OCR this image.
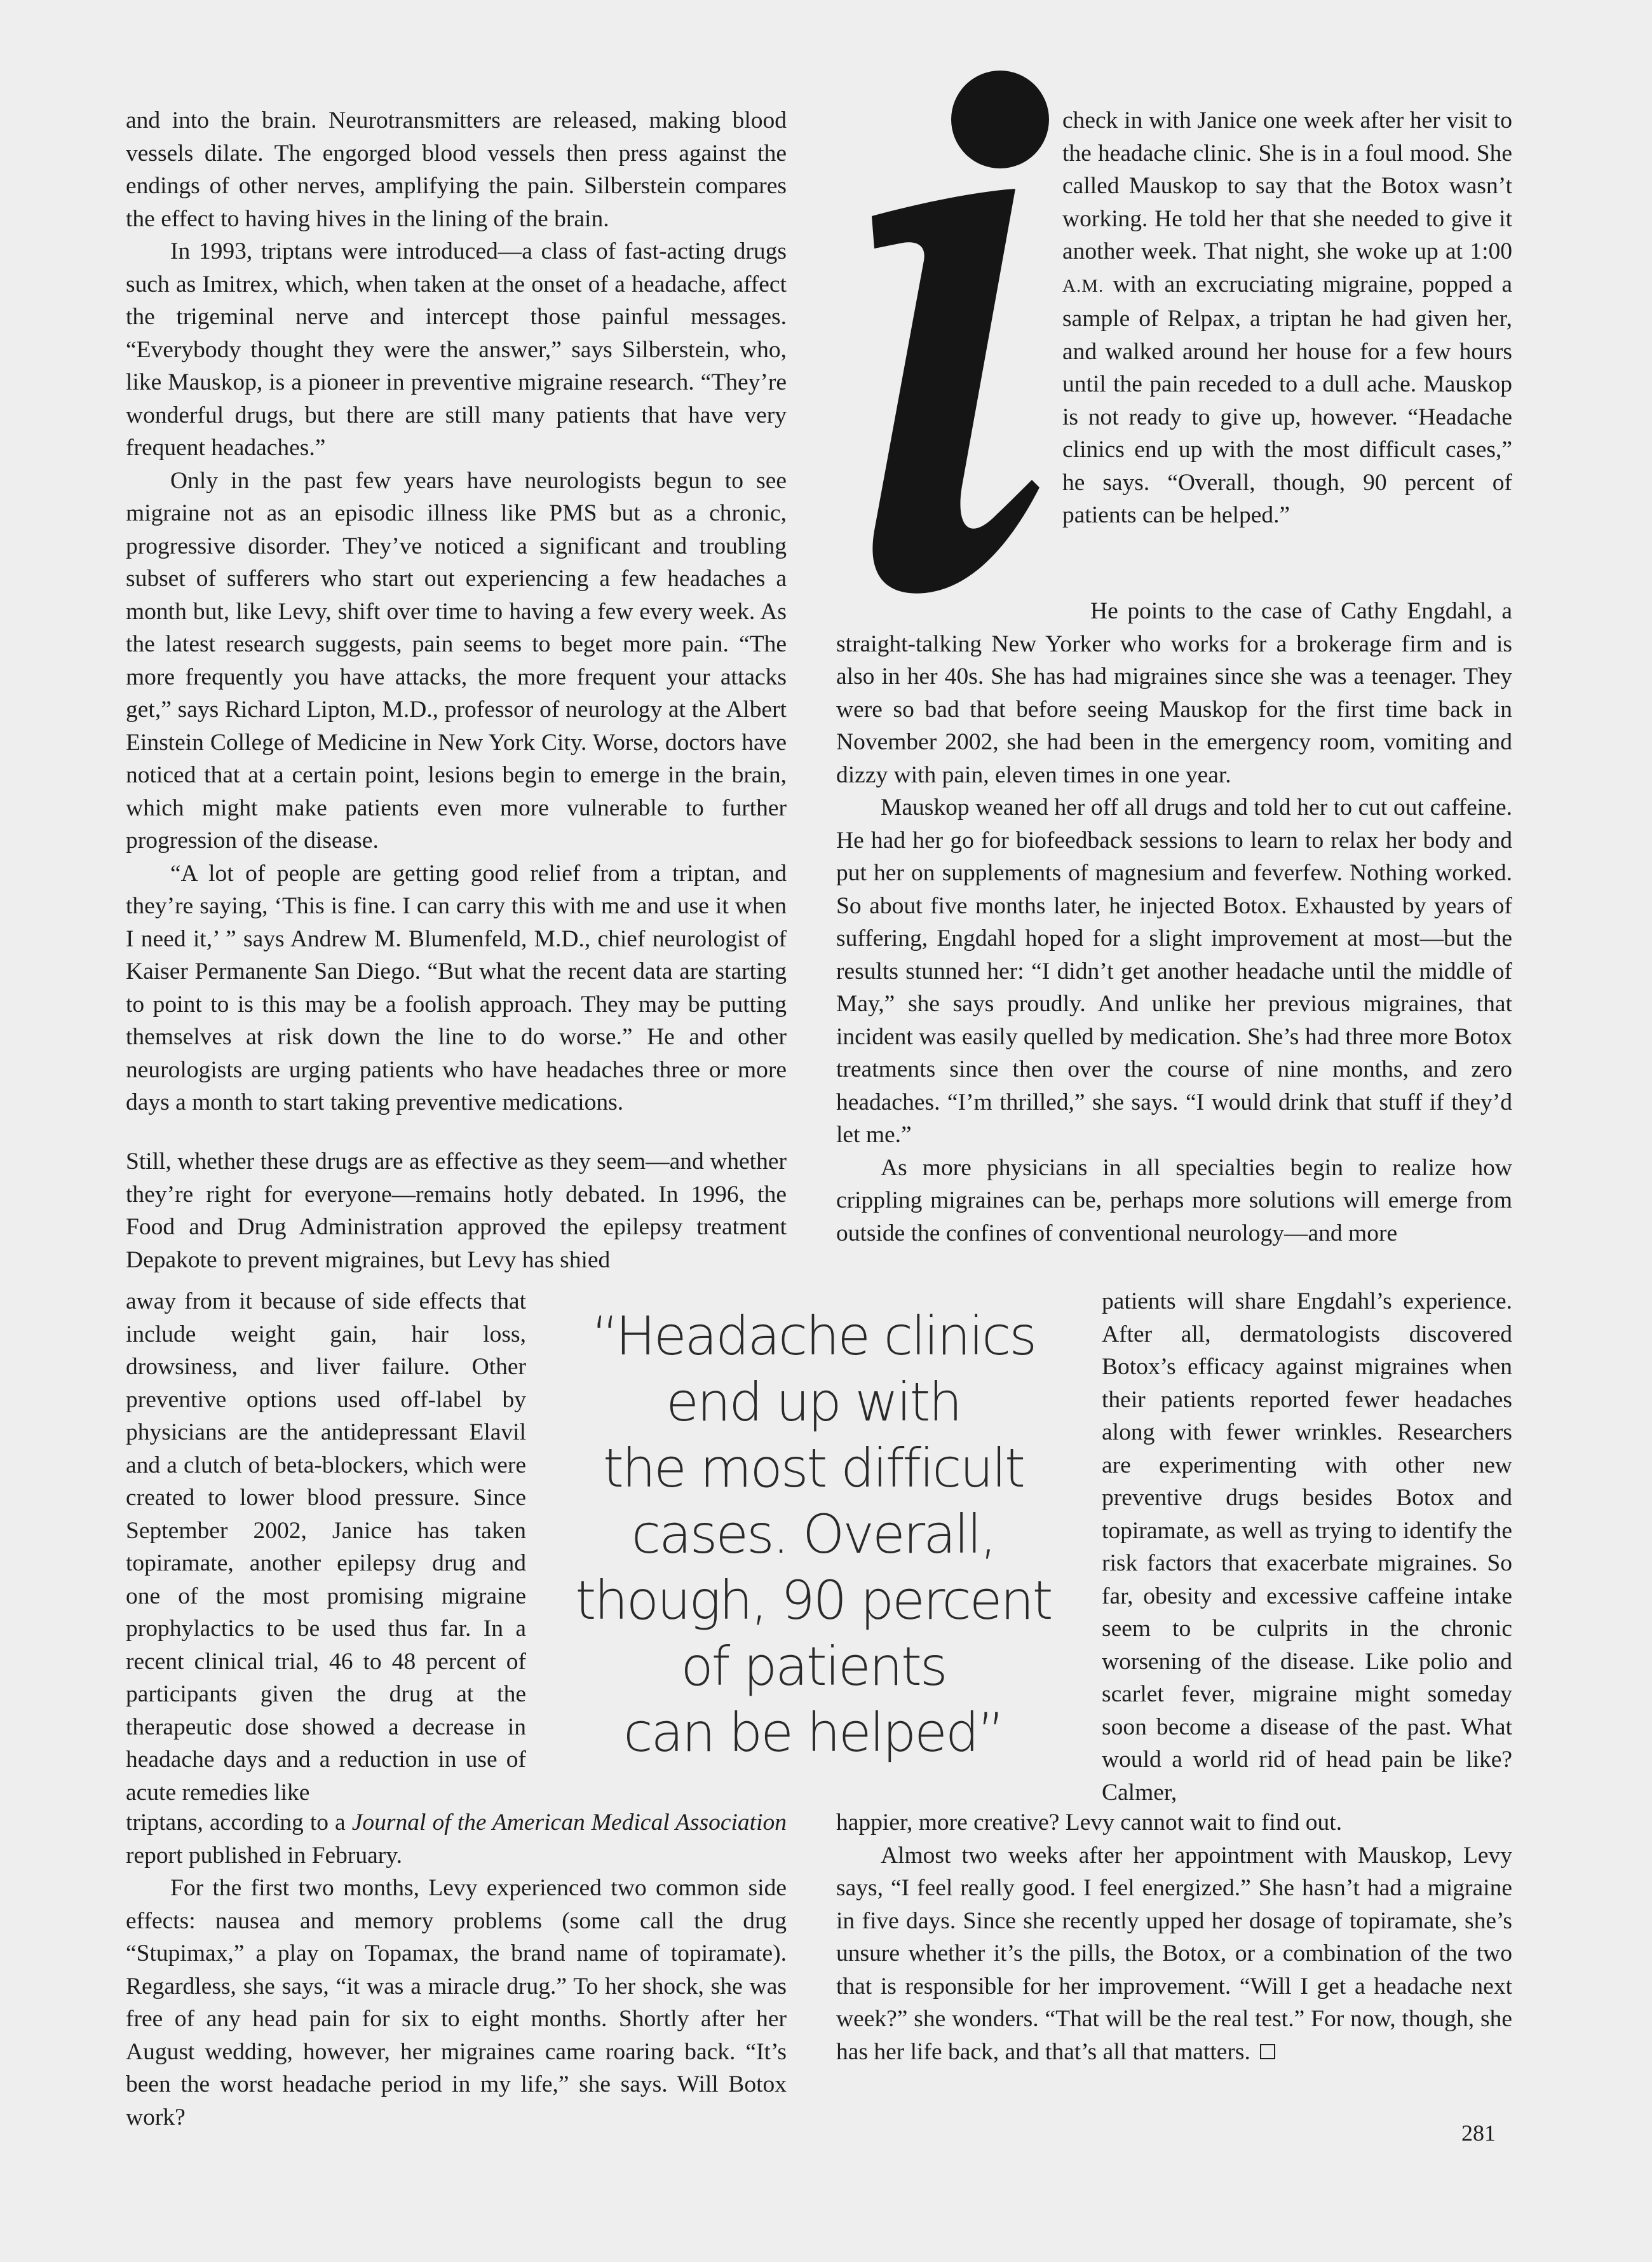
and into the brain. Neurotransmitters are released, making blood vessels dilate. The engorged blood vessels then press against the endings of other nerves, amplifying the pain. Silberstein compares the effect to having hives in the lining of the brain.

In 1993, triptans were introduced—a class of fast-acting drugs such as Imitrex, which, when taken at the onset of a headache, affect the trigeminal nerve and intercept those painful messages. “Everybody thought they were the answer,” says Silberstein, who, like Mauskop, is a pioneer in preventive migraine research. “They’re wonderful drugs, but there are still many patients that have very frequent headaches.”

Only in the past few years have neurologists begun to see migraine not as an episodic illness like PMS but as a chronic, progressive disorder. They’ve noticed a significant and troubling subset of sufferers who start out experiencing a few headaches a month but, like Levy, shift over time to having a few every week. As the latest research suggests, pain seems to beget more pain. “The more frequently you have attacks, the more frequent your attacks get,” says Richard Lipton, M.D., professor of neurology at the Albert Einstein College of Medicine in New York City. Worse, doctors have noticed that at a certain point, lesions begin to emerge in the brain, which might make patients even more vulnerable to further progression of the disease.

“A lot of people are getting good relief from a triptan, and they’re saying, ‘This is fine. I can carry this with me and use it when I need it,’ ” says Andrew M. Blumenfeld, M.D., chief neurologist of Kaiser Permanente San Diego. “But what the recent data are starting to point to is this may be a foolish approach. They may be putting themselves at risk down the line to do worse.” He and other neurologists are urging patients who have headaches three or more days a month to start taking preventive medications.

Still, whether these drugs are as effective as they seem—and whether they’re right for everyone—remains hotly debated. In 1996, the Food and Drug Administration approved the epilepsy treatment Depakote to prevent migraines, but Levy has shied

away from it because of side effects that include weight gain, hair loss, drowsiness, and liver failure. Other preventive options used off-label by physicians are the antidepressant Elavil and a clutch of beta-blockers, which were created to lower blood pressure. Since September 2002, Janice has taken topiramate, another epilepsy drug and one of the most promising migraine prophylactics to be used thus far. In a recent clinical trial, 46 to 48 percent of participants given the drug at the therapeutic dose showed a decrease in headache days and a reduction in use of acute remedies like

triptans, according to a Journal of the American Medical Association report published in February.

For the first two months, Levy experienced two common side effects: nausea and memory problems (some call the drug “Stupimax,” a play on Topamax, the brand name of topiramate). Regardless, she says, “it was a miracle drug.” To her shock, she was free of any head pain for six to eight months. Shortly after her August wedding, however, her migraines came roaring back. “It’s been the worst headache period in my life,” she says. Will Botox work?

“Headache clinics
end up with
the most difficult
cases. Overall,
though, 90 percent
of patients
can be helped”

check in with Janice one week after her visit to the headache clinic. She is in a foul mood. She called Mauskop to say that the Botox wasn’t working. He told her that she needed to give it another week. That night, she woke up at 1:00 A.M. with an excruciating migraine, popped a sample of Relpax, a triptan he had given her, and walked around her house for a few hours until the pain receded to a dull ache. Mauskop is not ready to give up, however. “Headache clinics end up with the most difficult cases,” he says. “Overall, though, 90 percent of patients can be helped.”

He points to the case of Cathy Engdahl, a straight-talking New Yorker who works for a brokerage firm and is also in her 40s. She has had migraines since she was a teenager. They were so bad that before seeing Mauskop for the first time back in November 2002, she had been in the emergency room, vomiting and dizzy with pain, eleven times in one year.

Mauskop weaned her off all drugs and told her to cut out caffeine. He had her go for biofeedback sessions to learn to relax her body and put her on supplements of magnesium and feverfew. Nothing worked. So about five months later, he injected Botox. Exhausted by years of suffering, Engdahl hoped for a slight improvement at most—but the results stunned her: “I didn’t get another headache until the middle of May,” she says proudly. And unlike her previous migraines, that incident was easily quelled by medication. She’s had three more Botox treatments since then over the course of nine months, and zero headaches. “I’m thrilled,” she says. “I would drink that stuff if they’d let me.”

As more physicians in all specialties begin to realize how crippling migraines can be, perhaps more solutions will emerge from outside the confines of conventional neurology—and more

patients will share Engdahl’s experience. After all, dermatologists discovered Botox’s efficacy against migraines when their patients reported fewer headaches along with fewer wrinkles. Researchers are experimenting with other new preventive drugs besides Botox and topiramate, as well as trying to identify the risk factors that exacerbate migraines. So far, obesity and excessive caffeine intake seem to be culprits in the chronic worsening of the disease. Like polio and scarlet fever, migraine might someday soon become a disease of the past. What would a world rid of head pain be like? Calmer,

happier, more creative? Levy cannot wait to find out.

Almost two weeks after her appointment with Mauskop, Levy says, “I feel really good. I feel energized.” She hasn’t had a migraine in five days. Since she recently upped her dosage of topiramate, she’s unsure whether it’s the pills, the Botox, or a combination of the two that is responsible for her improvement. “Will I get a headache next week?” she wonders. “That will be the real test.” For now, though, she has her life back, and that’s all that matters.

281
